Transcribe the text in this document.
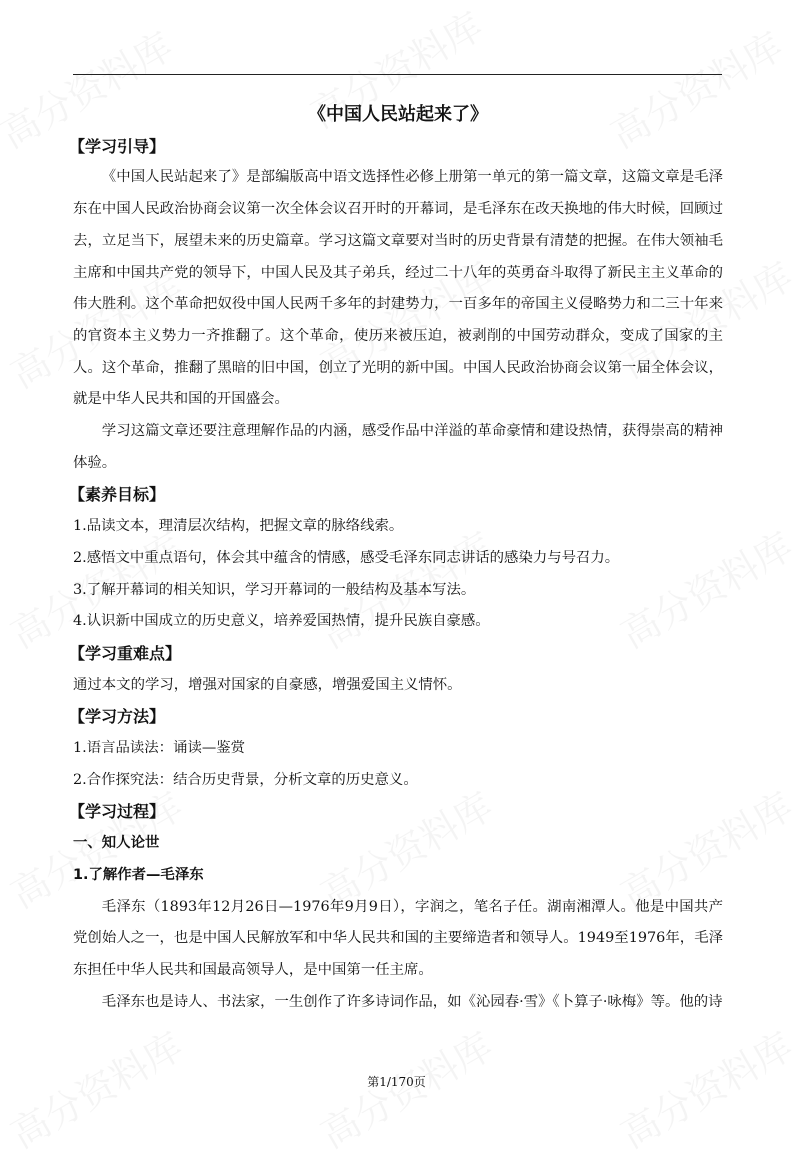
《中国人民站起来了》
【学习引导】
《中国人民站起来了》是部编版高中语文选择性必修上册第一单元的第一篇文章，这篇文章是毛泽东在中国人民政治协商会议第一次全体会议召开时的开幕词，是毛泽东在改天换地的伟大时候，回顾过去，立足当下，展望未来的历史篇章。学习这篇文章要对当时的历史背景有清楚的把握。在伟大领袖毛主席和中国共产党的领导下，中国人民及其子弟兵，经过二十八年的英勇奋斗取得了新民主主义革命的伟大胜利。这个革命把奴役中国人民两千多年的封建势力，一百多年的帝国主义侵略势力和二三十年来的官资本主义势力一齐推翻了。这个革命，使历来被压迫，被剥削的中国劳动群众，变成了国家的主人。这个革命，推翻了黑暗的旧中国，创立了光明的新中国。中国人民政治协商会议第一届全体会议，就是中华人民共和国的开国盛会。
学习这篇文章还要注意理解作品的内涵，感受作品中洋溢的革命豪情和建设热情，获得崇高的精神体验。
【素养目标】
1.品读文本，理清层次结构，把握文章的脉络线索。
2.感悟文中重点语句，体会其中蕴含的情感，感受毛泽东同志讲话的感染力与号召力。
3.了解开幕词的相关知识，学习开幕词的一般结构及基本写法。
4.认识新中国成立的历史意义，培养爱国热情，提升民族自豪感。
【学习重难点】
通过本文的学习，增强对国家的自豪感，增强爱国主义情怀。
【学习方法】
1.语言品读法：诵读—鉴赏
2.合作探究法：结合历史背景，分析文章的历史意义。
【学习过程】
一、知人论世
1.了解作者—毛泽东
毛泽东（1893年12月26日—1976年9月9日），字润之，笔名子任。湖南湘潭人。他是中国共产党创始人之一，也是中国人民解放军和中华人民共和国的主要缔造者和领导人。1949至1976年，毛泽东担任中华人民共和国最高领导人，是中国第一任主席。
毛泽东也是诗人、书法家，一生创作了许多诗词作品，如《沁园春·雪》《卜算子·咏梅》等。他的诗
第1/170页
